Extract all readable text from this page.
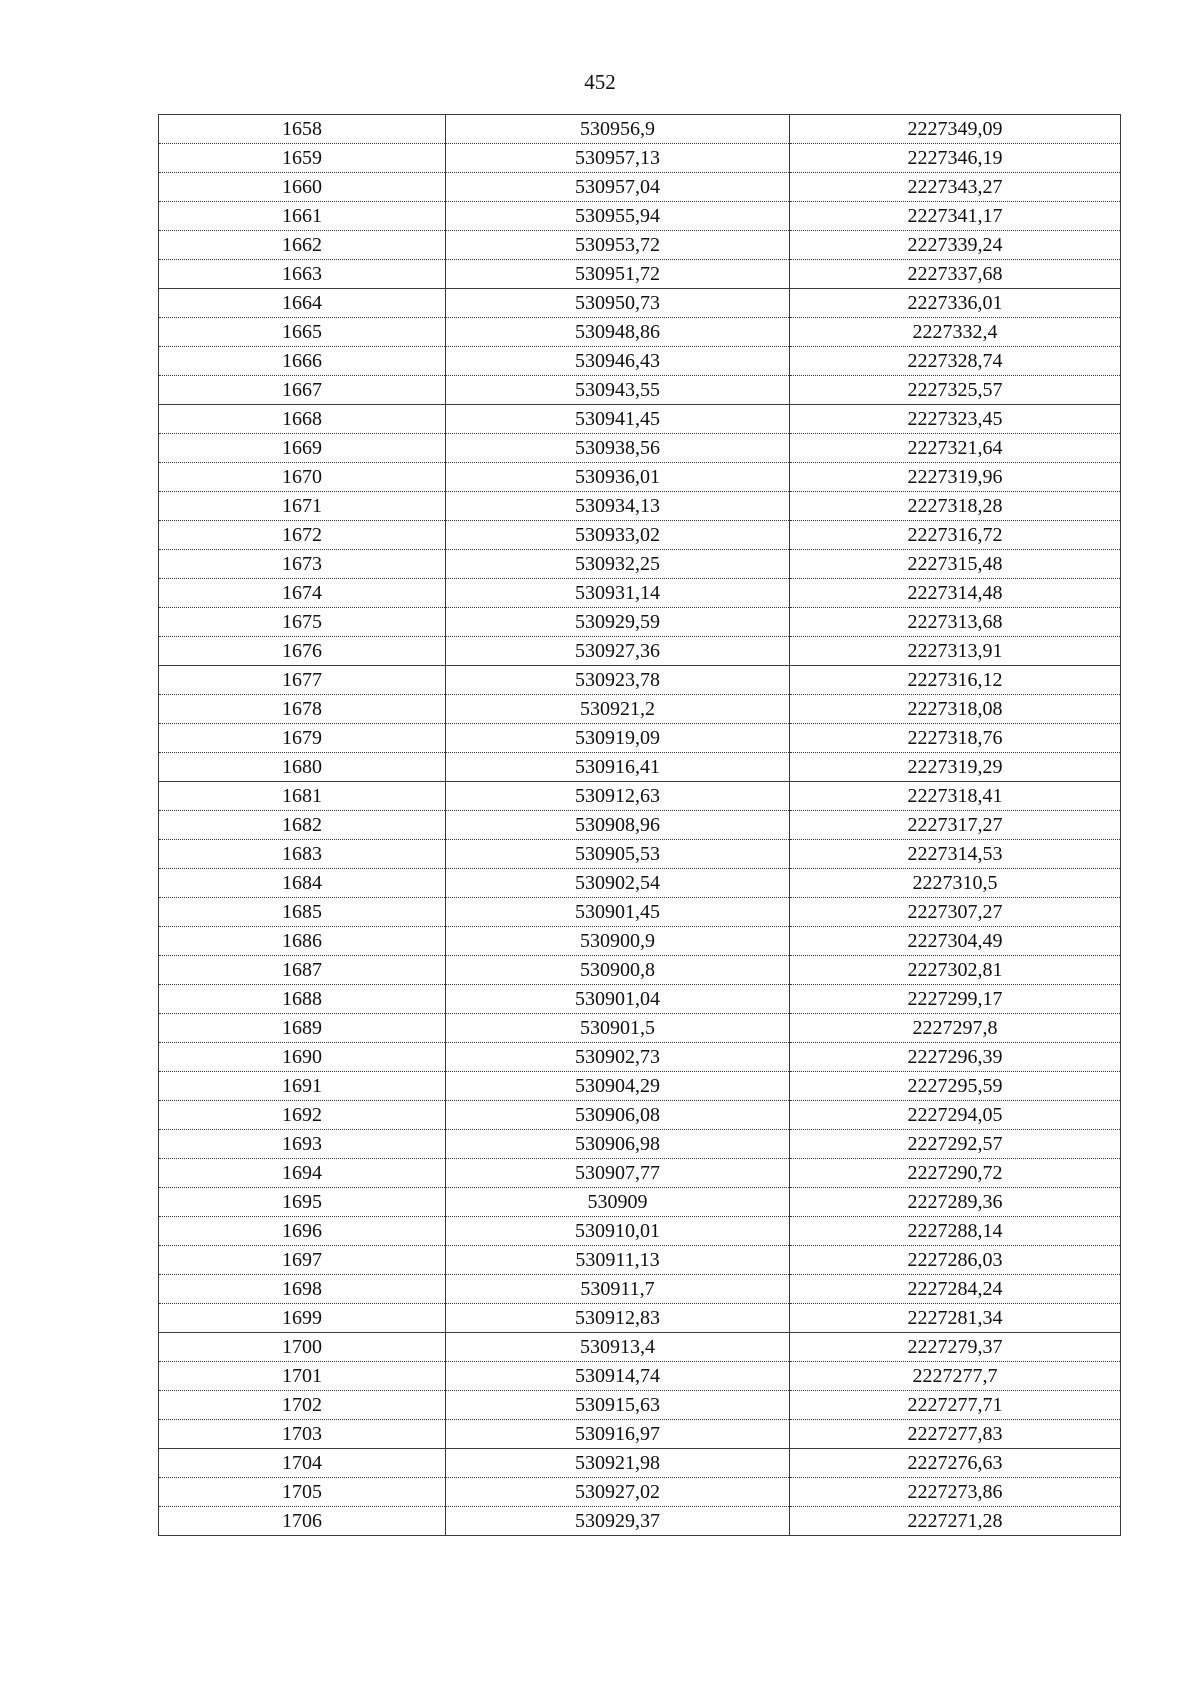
452
1658	530956,9	2227349,09
1659	530957,13	2227346,19
1660	530957,04	2227343,27
1661	530955,94	2227341,17
1662	530953,72	2227339,24
1663	530951,72	2227337,68
1664	530950,73	2227336,01
1665	530948,86	2227332,4
1666	530946,43	2227328,74
1667	530943,55	2227325,57
1668	530941,45	2227323,45
1669	530938,56	2227321,64
1670	530936,01	2227319,96
1671	530934,13	2227318,28
1672	530933,02	2227316,72
1673	530932,25	2227315,48
1674	530931,14	2227314,48
1675	530929,59	2227313,68
1676	530927,36	2227313,91
1677	530923,78	2227316,12
1678	530921,2	2227318,08
1679	530919,09	2227318,76
1680	530916,41	2227319,29
1681	530912,63	2227318,41
1682	530908,96	2227317,27
1683	530905,53	2227314,53
1684	530902,54	2227310,5
1685	530901,45	2227307,27
1686	530900,9	2227304,49
1687	530900,8	2227302,81
1688	530901,04	2227299,17
1689	530901,5	2227297,8
1690	530902,73	2227296,39
1691	530904,29	2227295,59
1692	530906,08	2227294,05
1693	530906,98	2227292,57
1694	530907,77	2227290,72
1695	530909	2227289,36
1696	530910,01	2227288,14
1697	530911,13	2227286,03
1698	530911,7	2227284,24
1699	530912,83	2227281,34
1700	530913,4	2227279,37
1701	530914,74	2227277,7
1702	530915,63	2227277,71
1703	530916,97	2227277,83
1704	530921,98	2227276,63
1705	530927,02	2227273,86
1706	530929,37	2227271,28
